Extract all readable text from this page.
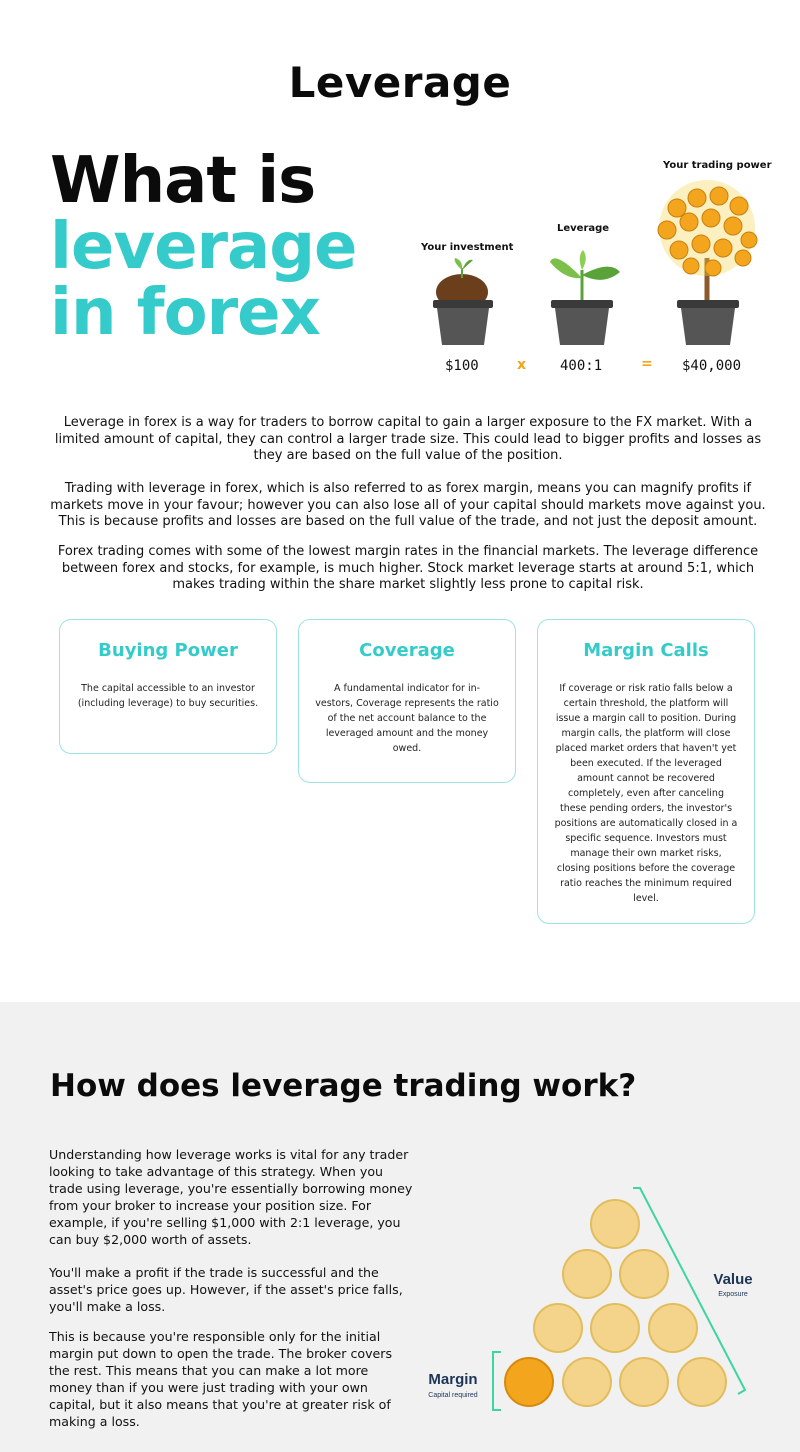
Leverage
What is
leverage
in forex
Your investment
Leverage
Your trading power
$100	x 400:1	= $40,000

Leverage in forex is a way for traders to borrow capital to gain a larger exposure to the FX market. With a limited amount of capital, they can control a larger trade size. This could lead to bigger profits and losses as they are based on the full value of the position.

Trading with leverage in forex, which is also referred to as forex margin, means you can magnify profits if markets move in your favour; however you can also lose all of your capital should markets move against you. This is because profits and losses are based on the full value of the trade, and not just the deposit amount.

Forex trading comes with some of the lowest margin rates in the financial markets. The leverage difference between forex and stocks, for example, is much higher. Stock market leverage starts at around 5:1, which makes trading within the share market slightly less prone to capital risk.

Buying Power
The capital accessible to an investor (including leverage) to buy securities.
Coverage
A fundamental indicator for in- vestors, Coverage represents the ratio of the net account balance to the leveraged amount and the money owed.
Margin Calls
If coverage or risk ratio falls below a certain threshold, the platform will issue a margin call to position. During margin calls, the platform will close placed market orders that haven't yet been executed. If the leveraged amount cannot be recovered completely, even after canceling these pending orders, the investor's positions are automatically closed in a specific sequence. Investors must manage their own market risks, closing positions before the coverage ratio reaches the minimum required level.
How does leverage trading work?

Understanding how leverage works is vital for any trader looking to take advantage of this strategy. When you trade using leverage, you're essentially borrowing money from your broker to increase your position size. For example, if you're selling $1,000 with 2:1 leverage, you can buy $2,000 worth of assets.

You'll make a profit if the trade is successful and the asset's price goes up. However, if the asset's price falls, you'll make a loss.

This is because you're responsible only for the initial margin put down to open the trade. The broker covers the rest. This means that you can make a lot more money than if you were just trading with your own capital, but it also means that you're at greater risk of making a loss.

Value
Exposure
Margin
Capital required
